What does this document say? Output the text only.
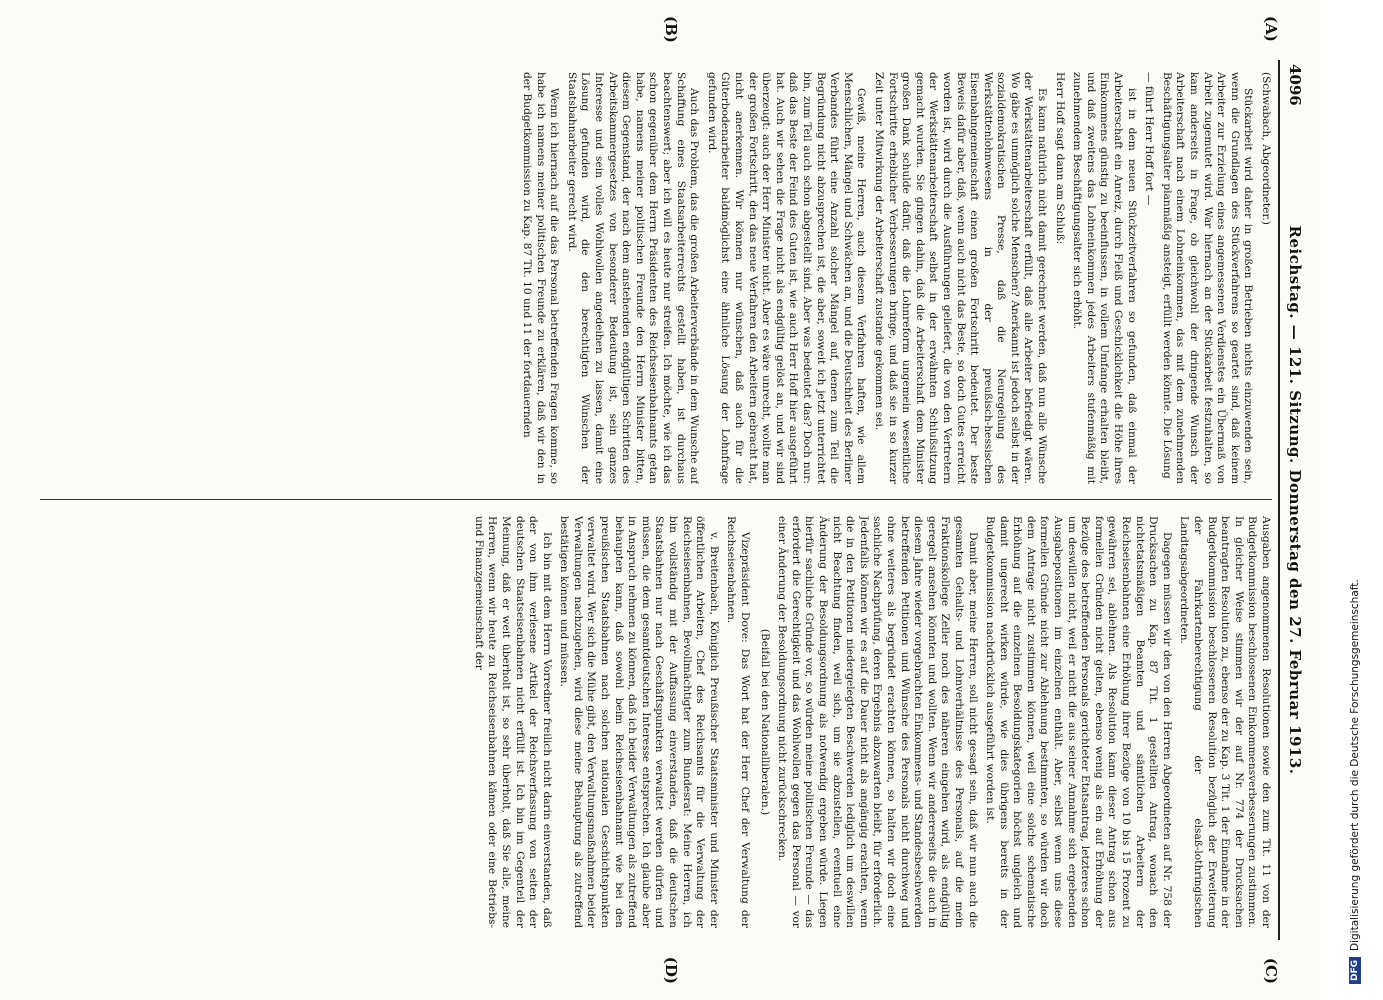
4096
Reichstag. — 121. Sitzung. Donnerstag den 27. Februar 1913.
(A)
(B)
(C)
(D)

(Schwabach, Abgeordneter.)

Stückarbeit wird daher in großen Betrieben nichts einzuwenden sein, wenn die Grundlagen des Stückverfahrens so geartet sind, daß keinem Arbeiter zur Erzielung eines angemessenen Verdienstes ein Übermaß von Arbeit zugemutet wird. War hiernach an der Stückarbeit festzuhalten, so kam anderseits in Frage, ob gleichwohl der dringende Wunsch der Arbeiterschaft nach einem Lohneinkommen, das mit dem zunehmenden Beschäftigungsalter planmäßig ansteigt, erfüllt werden könnte. Die Lösung

— führt Herr Hoff fort —

ist in dem neuen Stückzeitverfahren so gefunden, daß einmal der Arbeiterschaft ein Anreiz, durch Fleiß und Geschicklichkeit die Höhe ihres Einkommens günstig zu beeinflussen, in vollem Umfange erhalten bleibt, und daß zweitens das Lohneinkommen jedes Arbeiters stufenmäßig mit zunehmendem Beschäftigungsalter sich erhöht.

Herr Hoff sagt dann am Schluß:

Es kann natürlich nicht damit gerechnet werden, daß nun alle Wünsche der Werkstättenarbeiterschaft erfüllt, daß alle Arbeiter befriedigt wären. Wo gäbe es unmöglich solche Menschen? Anerkannt ist jedoch selbst in der sozialdemokratischen Presse, daß die Neuregelung des Werkstättenlohnwesens in der preußisch-hessischen Eisenbahngemeinschaft einen großen Fortschritt bedeutet. Der beste Beweis dafür aber, daß, wenn auch nicht das Beste, so doch Gutes erreicht worden ist, wird durch die Ausführungen geliefert, die von den Vertretern der Werkstättenarbeiterschaft selbst in der erwähnten Schlußsitzung gemacht wurden. Sie gingen dahin, daß die Arbeiterschaft dem Minister großen Dank schulde dafür, daß die Lohnreform ungemein wesentliche Fortschritte erheblicher Verbesserungen bringe, und daß sie in so kurzer Zeit unter Mitwirkung der Arbeiterschaft zustande gekommen sei.

Gewiß, meine Herren, auch diesem Verfahren haften, wie allem Menschlichen, Mängel und Schwächen an, und die Deutschheit des Berliner Verbandes führt eine Anzahl solcher Mängel auf, denen zum Teil die Begründung nicht abzusprechen ist, die aber, soweit ich jetzt unterrichtet bin, zum Teil auch schon abgestellt sind. Aber was bedeutet das? Doch nur: daß das Beste der Feind des Guten ist, wie auch Herr Hoff hier ausgeführt hat. Auch wir sehen die Frage nicht als endgültig gelöst an, und wir sind überzeugt: auch der Herr Minister nicht. Aber es wäre unrecht, wollte man der großen Fortschritt, den das neue Verfahren den Arbeitern gebracht hat, nicht anerkennen. Wir können nur wünschen, daß auch für die Güterbodenarbeiter baldmöglichst eine ähnliche Lösung der Lohnfrage gefunden wird.

Auch das Problem, das die großen Arbeiterverbände in dem Wunsche auf Schaffung eines Staatsarbeiterrechts gestellt haben, ist durchaus beachtenswert; aber ich will es heute nur streifen. Ich möchte, wie ich das schon gegenüber dem Herrn Präsidenten des Reichseisenbahnamts getan habe, namens meiner politischen Freunde den Herrn Minister bitten, diesem Gegenstand, der nach dem anstehenden endgültigen Schritten des Arbeitskammergesetzes von besonderer Bedeutung ist, sein ganzes Interesse und sein volles Wohlwollen angedeihen zu lassen, damit eine Lösung gefunden wird, die den berechtigten Wünschen der Staatsbahnarbeiter gerecht wird.

Wenn ich hiernach auf die das Personal betreffenden Fragen komme, so habe ich namens meiner politischen Freunde zu erklären, daß wir den in der Budgetkommission zu Kap. 87 Tit. 10 und 11 der fortdauernden

Ausgaben angenommenen Resolutionen sowie den zum Tit. 11 von der Budgetkommission beschlossenen Einkommensverbesserungen zustimmen. In gleicher Weise stimmen wir der auf Nr. 774 der Drucksachen beantragten Resolution zu, ebenso der zu Kap. 3 Tit. 1 der Einnahme in der Budgetkommission beschlossenen Resolution bezüglich der Erweiterung der Fahrkartenberechtigung der elsaß-lothringischen Landtagsabgeordneten.

Dagegen müssen wir den von den Herren Abgeordneten auf Nr. 758 der Drucksachen zu Kap. 87 Tit. 1 gestellten Antrag, wonach den nichtetatsmäßigen Beamten und sämtlichen Arbeitern der Reichseisenbahnen eine Erhöhung ihrer Bezüge von 10 bis 15 Prozent zu gewähren sei, ablehnen. Als Resolution kann dieser Antrag schon aus formellen Gründen nicht gelten, ebenso wenig als ein auf Erhöhung der Bezüge des betreffenden Personals gerichteter Etatsantrag, letzteres schon um deswillen nicht, weil er nicht die aus seiner Annahme sich ergebenden Ausgabepositionen im einzelnen enthält. Aber, selbst wenn uns diese formellen Gründe nicht zur Ablehnung bestimmten, so würden wir doch dem Antrage nicht zustimmen können, weil eine solche schematische Erhöhung auf die einzelnen Besoldungskategorien höchst ungleich und damit ungerecht wirken würde, wie dies übrigens bereits in der Budgetkommission nachdrücklich ausgeführt worden ist.

Damit aber, meine Herren, soll nicht gesagt sein, daß wir nun auch die gesamten Gehalts- und Lohnverhältnisse des Personals, auf die mein Fraktionskollege Zeller noch des näheren eingehen wird, als endgültig geregelt ansehen könnten und wollten. Wenn wir andererseits die auch in diesem Jahre wieder vorgebrachten Einkommens- und Standesbeschwerden betreffenden Petitionen und Wünsche des Personals nicht durchweg und ohne weiteres als begründet erachten können, so halten wir doch eine sachliche Nachprüfung, deren Ergebnis abzuwarten bleibt, für erforderlich. Jedenfalls können wir es auf die Dauer nicht als angängig erachten, wenn die in den Petitionen niedergelegten Beschwerden lediglich um deswillen nicht Beachtung finden, weil sich, um sie abzustellen, eventuell eine Änderung der Besoldungsordnung als notwendig ergeben würde. Liegen hierfür sachliche Gründe vor, so würden meine politischen Freunde — das erfordert die Gerechtigkeit und das Wohlwollen gegen das Personal — vor einer Änderung der Besoldungsordnung nicht zurückschrecken.

(Beifall bei den Nationalliberalen.)

Vizepräsident Dove: Das Wort hat der Herr Chef der Verwaltung der Reichseisenbahnen.

v. Breitenbach, Königlich Preußischer Staatsminister und Minister der öffentlichen Arbeiten, Chef des Reichsamts für die Verwaltung der Reichseisenbahnen, Bevollmächtigter zum Bundesrat: Meine Herren, ich bin vollständig mit der Auffassung einverstanden, daß die deutschen Staatsbahnen nur nach Geschäftspunkten verwaltet werden dürfen und müssen, die dem gesamtdeutschen Interesse entsprechen. Ich glaube aber in Anspruch nehmen zu können, daß ich beider Verwaltungen als zutreffend behaupten kann, daß sowohl beim Reichseisenbahnamt wie bei den preußischen Staatsbahnen nach solchen nationalen Geschichtspunkten verwaltet wird. Wer sich die Mühe gibt, den Verwaltungsmaßnahmen beider Verwaltungen nachzugehen, wird diese meine Behauptung als zutreffend bestätigen können und müssen.

Ich bin mit dem Herrn Vorredner freilich nicht darin einverstanden, daß der von ihm verlesene Artikel der Reichsverfassung von seiten der deutschen Staatseisenbahnen nicht erfüllt ist. Ich bin im Gegenteil der Meinung, daß er weit überholt ist, so sehr überholt, daß Sie alle, meine Herren, wenn wir heute zu Reichseisenbahnen kämen oder eine Betriebs- und Finanzgemeinschaft der

DFGDigitalisierung gefördert durch die Deutsche Forschungsgemeinschaft.
